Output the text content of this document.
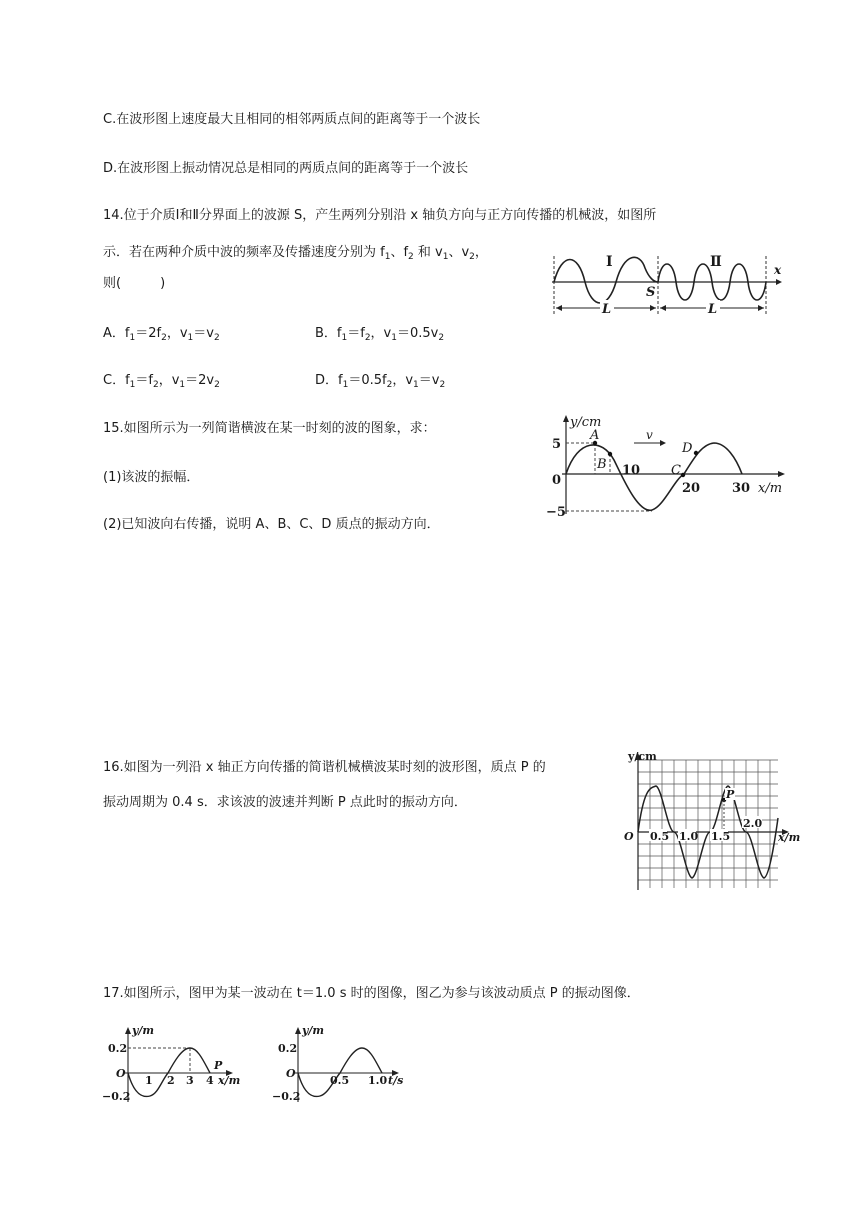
C.在波形图上速度最大且相同的相邻两质点间的距离等于一个波长
D.在波形图上振动情况总是相同的两质点间的距离等于一个波长
14.位于介质Ⅰ和Ⅱ分界面上的波源 S，产生两列分别沿 x 轴负方向与正方向传播的机械波，如图所
示．若在两种介质中波的频率及传播速度分别为 $f_1$、$f_2$ 和 $v_1$、$v_2$，
则(　　　)
A．$f_1=2f_2$，$v_1=v_2$	B．$f_1=f_2$，$v_1=0.5v_2$
C．$f_1=f_2$，$v_1=2v_2$	D．$f_1=0.5f_2$，$v_1=v_2$
Ⅰ	Ⅱ	x
S
L	L
15.如图所示为一列简谐横波在某一时刻的波的图象，求：
(1)该波的振幅．
(2)已知波向右传播，说明 A、B、C、D 质点的振动方向．
v
y/cm
x/m
5
0
−5
10
20 30
A
B	C
D
16.如图为一列沿 x 轴正方向传播的简谐机械横波某时刻的波形图，质点 P 的
振动周期为 0.4 s．求该波的波速并判断 P 点此时的振动方向．
y/cm
x/m
O 0.5 1.0 1.5
2.0
P
17.如图所示，图甲为某一波动在 t＝1.0 s 时的图像，图乙为参与该波动质点 P 的振动图像．
y/m
x/m
O
0.2
−0.2
1 2 3 4
P
y/m
t/s
O
0.2
−0.2
0.5 1.0
